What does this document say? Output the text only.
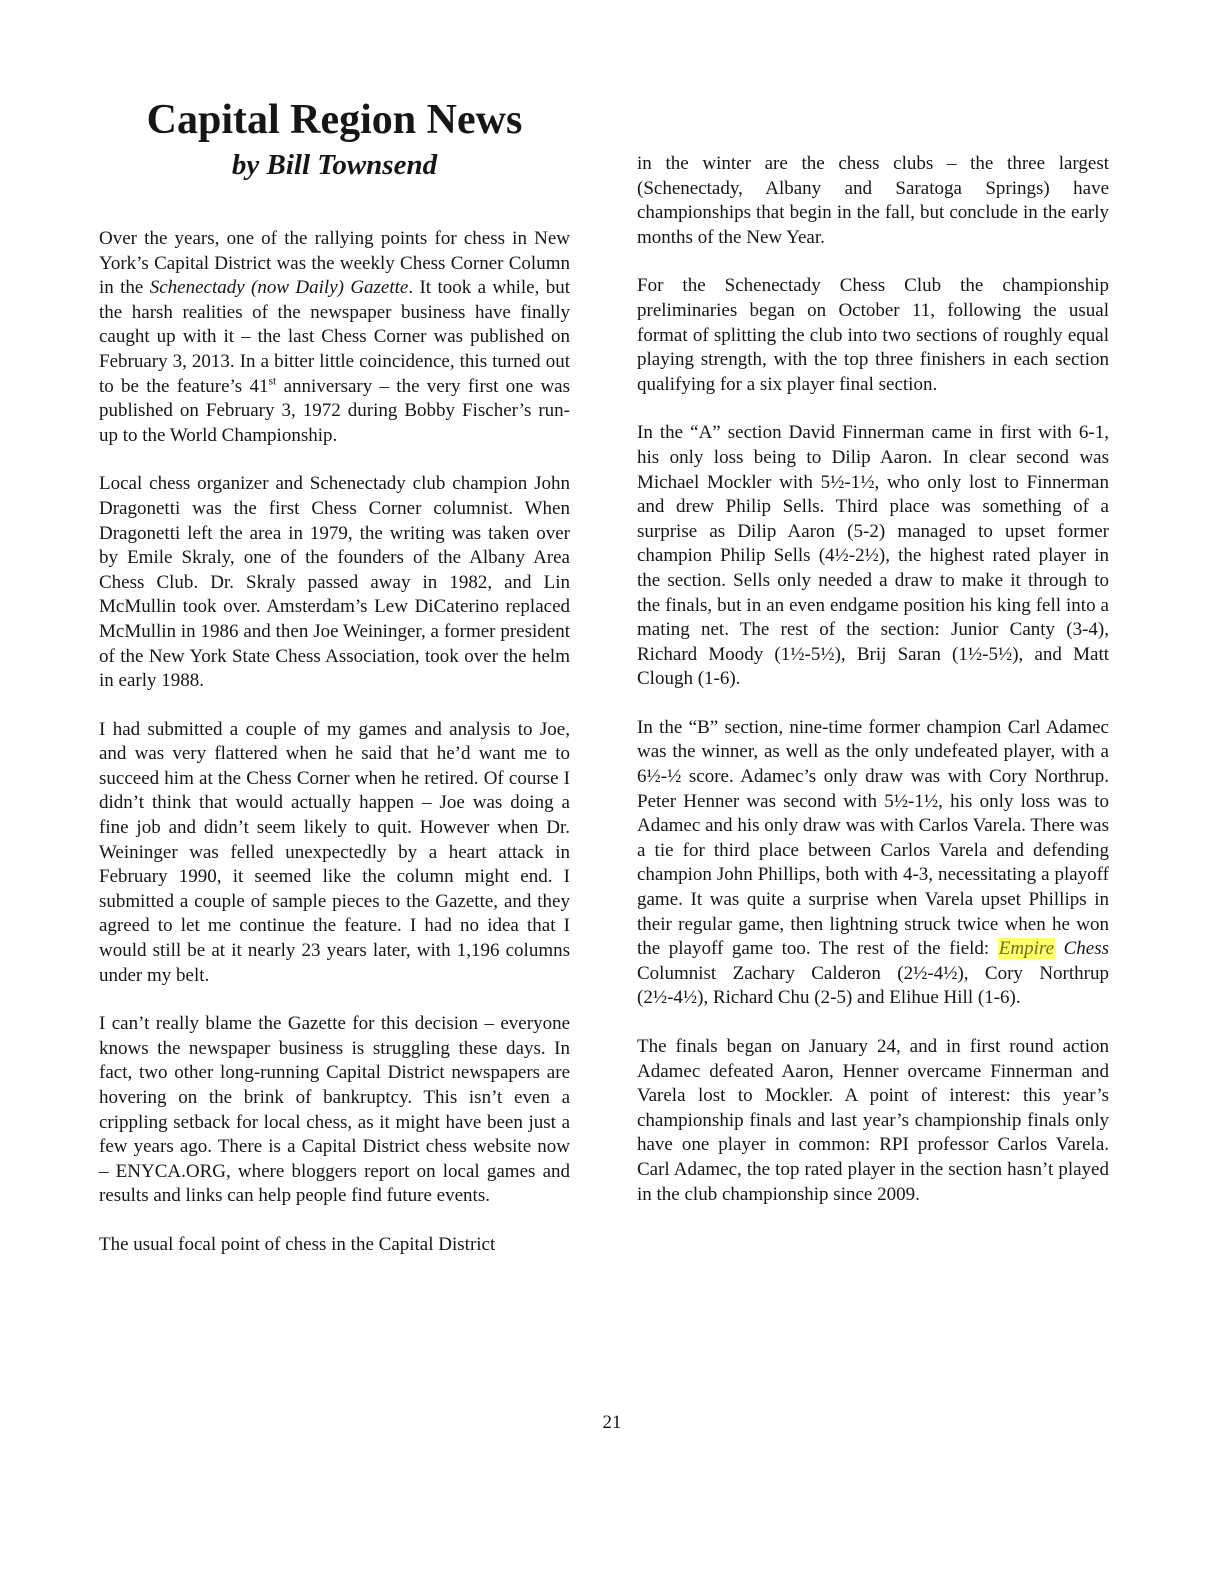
Capital Region News
by Bill Townsend

Over the years, one of the rallying points for chess in New York’s Capital District was the weekly Chess Corner Column in the Schenectady (now Daily) Gazette. It took a while, but the harsh realities of the newspaper business have finally caught up with it – the last Chess Corner was published on February 3, 2013. In a bitter little coincidence, this turned out to be the feature’s 41st anniversary – the very first one was published on February 3, 1972 during Bobby Fischer’s run-up to the World Championship.

Local chess organizer and Schenectady club champion John Dragonetti was the first Chess Corner columnist. When Dragonetti left the area in 1979, the writing was taken over by Emile Skraly, one of the founders of the Albany Area Chess Club. Dr. Skraly passed away in 1982, and Lin McMullin took over. Amsterdam’s Lew DiCaterino replaced McMullin in 1986 and then Joe Weininger, a former president of the New York State Chess Association, took over the helm in early 1988.

I had submitted a couple of my games and analysis to Joe, and was very flattered when he said that he’d want me to succeed him at the Chess Corner when he retired. Of course I didn’t think that would actually happen – Joe was doing a fine job and didn’t seem likely to quit. However when Dr. Weininger was felled unexpectedly by a heart attack in February 1990, it seemed like the column might end. I submitted a couple of sample pieces to the Gazette, and they agreed to let me continue the feature. I had no idea that I would still be at it nearly 23 years later, with 1,196 columns under my belt.

I can’t really blame the Gazette for this decision – everyone knows the newspaper business is struggling these days. In fact, two other long-running Capital District newspapers are hovering on the brink of bankruptcy. This isn’t even a crippling setback for local chess, as it might have been just a few years ago. There is a Capital District chess website now – ENYCA.ORG, where bloggers report on local games and results and links can help people find future events.

The usual focal point of chess in the Capital District

in the winter are the chess clubs – the three largest (Schenectady, Albany and Saratoga Springs) have championships that begin in the fall, but conclude in the early months of the New Year.

For the Schenectady Chess Club the championship preliminaries began on October 11, following the usual format of splitting the club into two sections of roughly equal playing strength, with the top three finishers in each section qualifying for a six player final section.

In the “A” section David Finnerman came in first with 6-1, his only loss being to Dilip Aaron. In clear second was Michael Mockler with 5½-1½, who only lost to Finnerman and drew Philip Sells. Third place was something of a surprise as Dilip Aaron (5-2) managed to upset former champion Philip Sells (4½-2½), the highest rated player in the section. Sells only needed a draw to make it through to the finals, but in an even endgame position his king fell into a mating net. The rest of the section: Junior Canty (3-4), Richard Moody (1½-5½), Brij Saran (1½-5½), and Matt Clough (1-6).

In the “B” section, nine-time former champion Carl Adamec was the winner, as well as the only undefeated player, with a 6½-½ score. Adamec’s only draw was with Cory Northrup. Peter Henner was second with 5½-1½, his only loss was to Adamec and his only draw was with Carlos Varela. There was a tie for third place between Carlos Varela and defending champion John Phillips, both with 4-3, necessitating a playoff game. It was quite a surprise when Varela upset Phillips in their regular game, then lightning struck twice when he won the playoff game too. The rest of the field: Empire Chess Columnist Zachary Calderon (2½-4½), Cory Northrup (2½-4½), Richard Chu (2-5) and Elihue Hill (1-6).

The finals began on January 24, and in first round action Adamec defeated Aaron, Henner overcame Finnerman and Varela lost to Mockler. A point of interest: this year’s championship finals and last year’s championship finals only have one player in common: RPI professor Carlos Varela. Carl Adamec, the top rated player in the section hasn’t played in the club championship since 2009.

21
